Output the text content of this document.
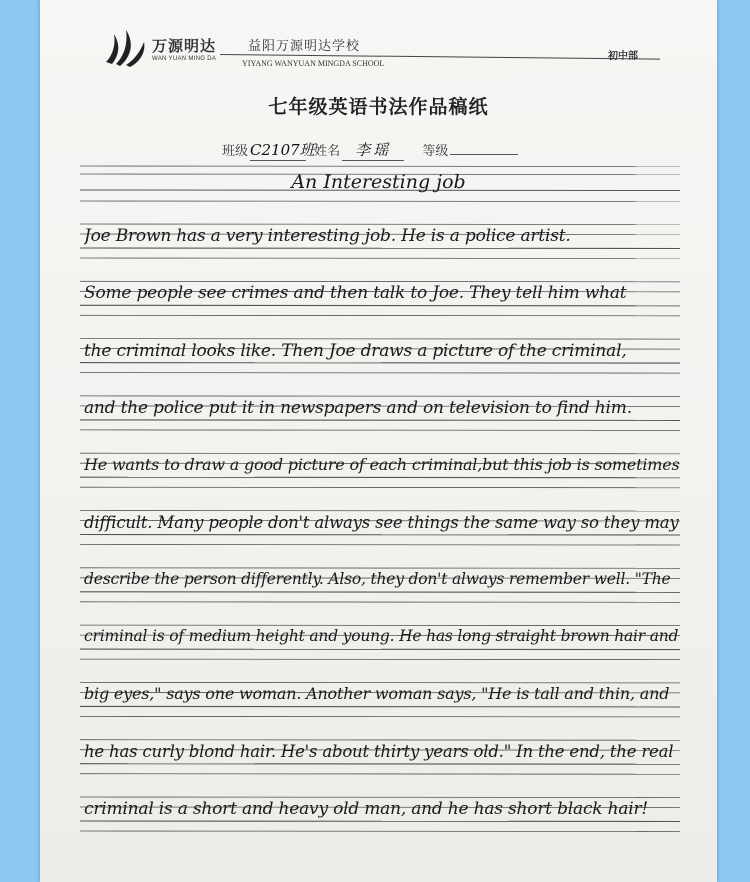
万源明达
WAN YUAN MING DA
益阳万源明达学校
YIYANG WANYUAN MINGDA SCHOOL
初中部
七年级英语书法作品稿纸
班级 C2107班 姓名 李瑶 等级
An Interesting job
Joe Brown has a very interesting job. He is a police artist.
Some people see crimes and then talk to Joe. They tell him what
the criminal looks like. Then Joe draws a picture of the criminal,
and the police put it in newspapers and on television to find him.
He wants to draw a good picture of each criminal,but this job is sometimes
difficult. Many people don't always see things the same way so they may
describe the person differently. Also, they don't always remember well. "The
criminal is of medium height and young. He has long straight brown hair and
big eyes," says one woman. Another woman says, "He is tall and thin, and
he has curly blond hair. He's about thirty years old." In the end, the real
criminal is a short and heavy old man, and he has short black hair!
